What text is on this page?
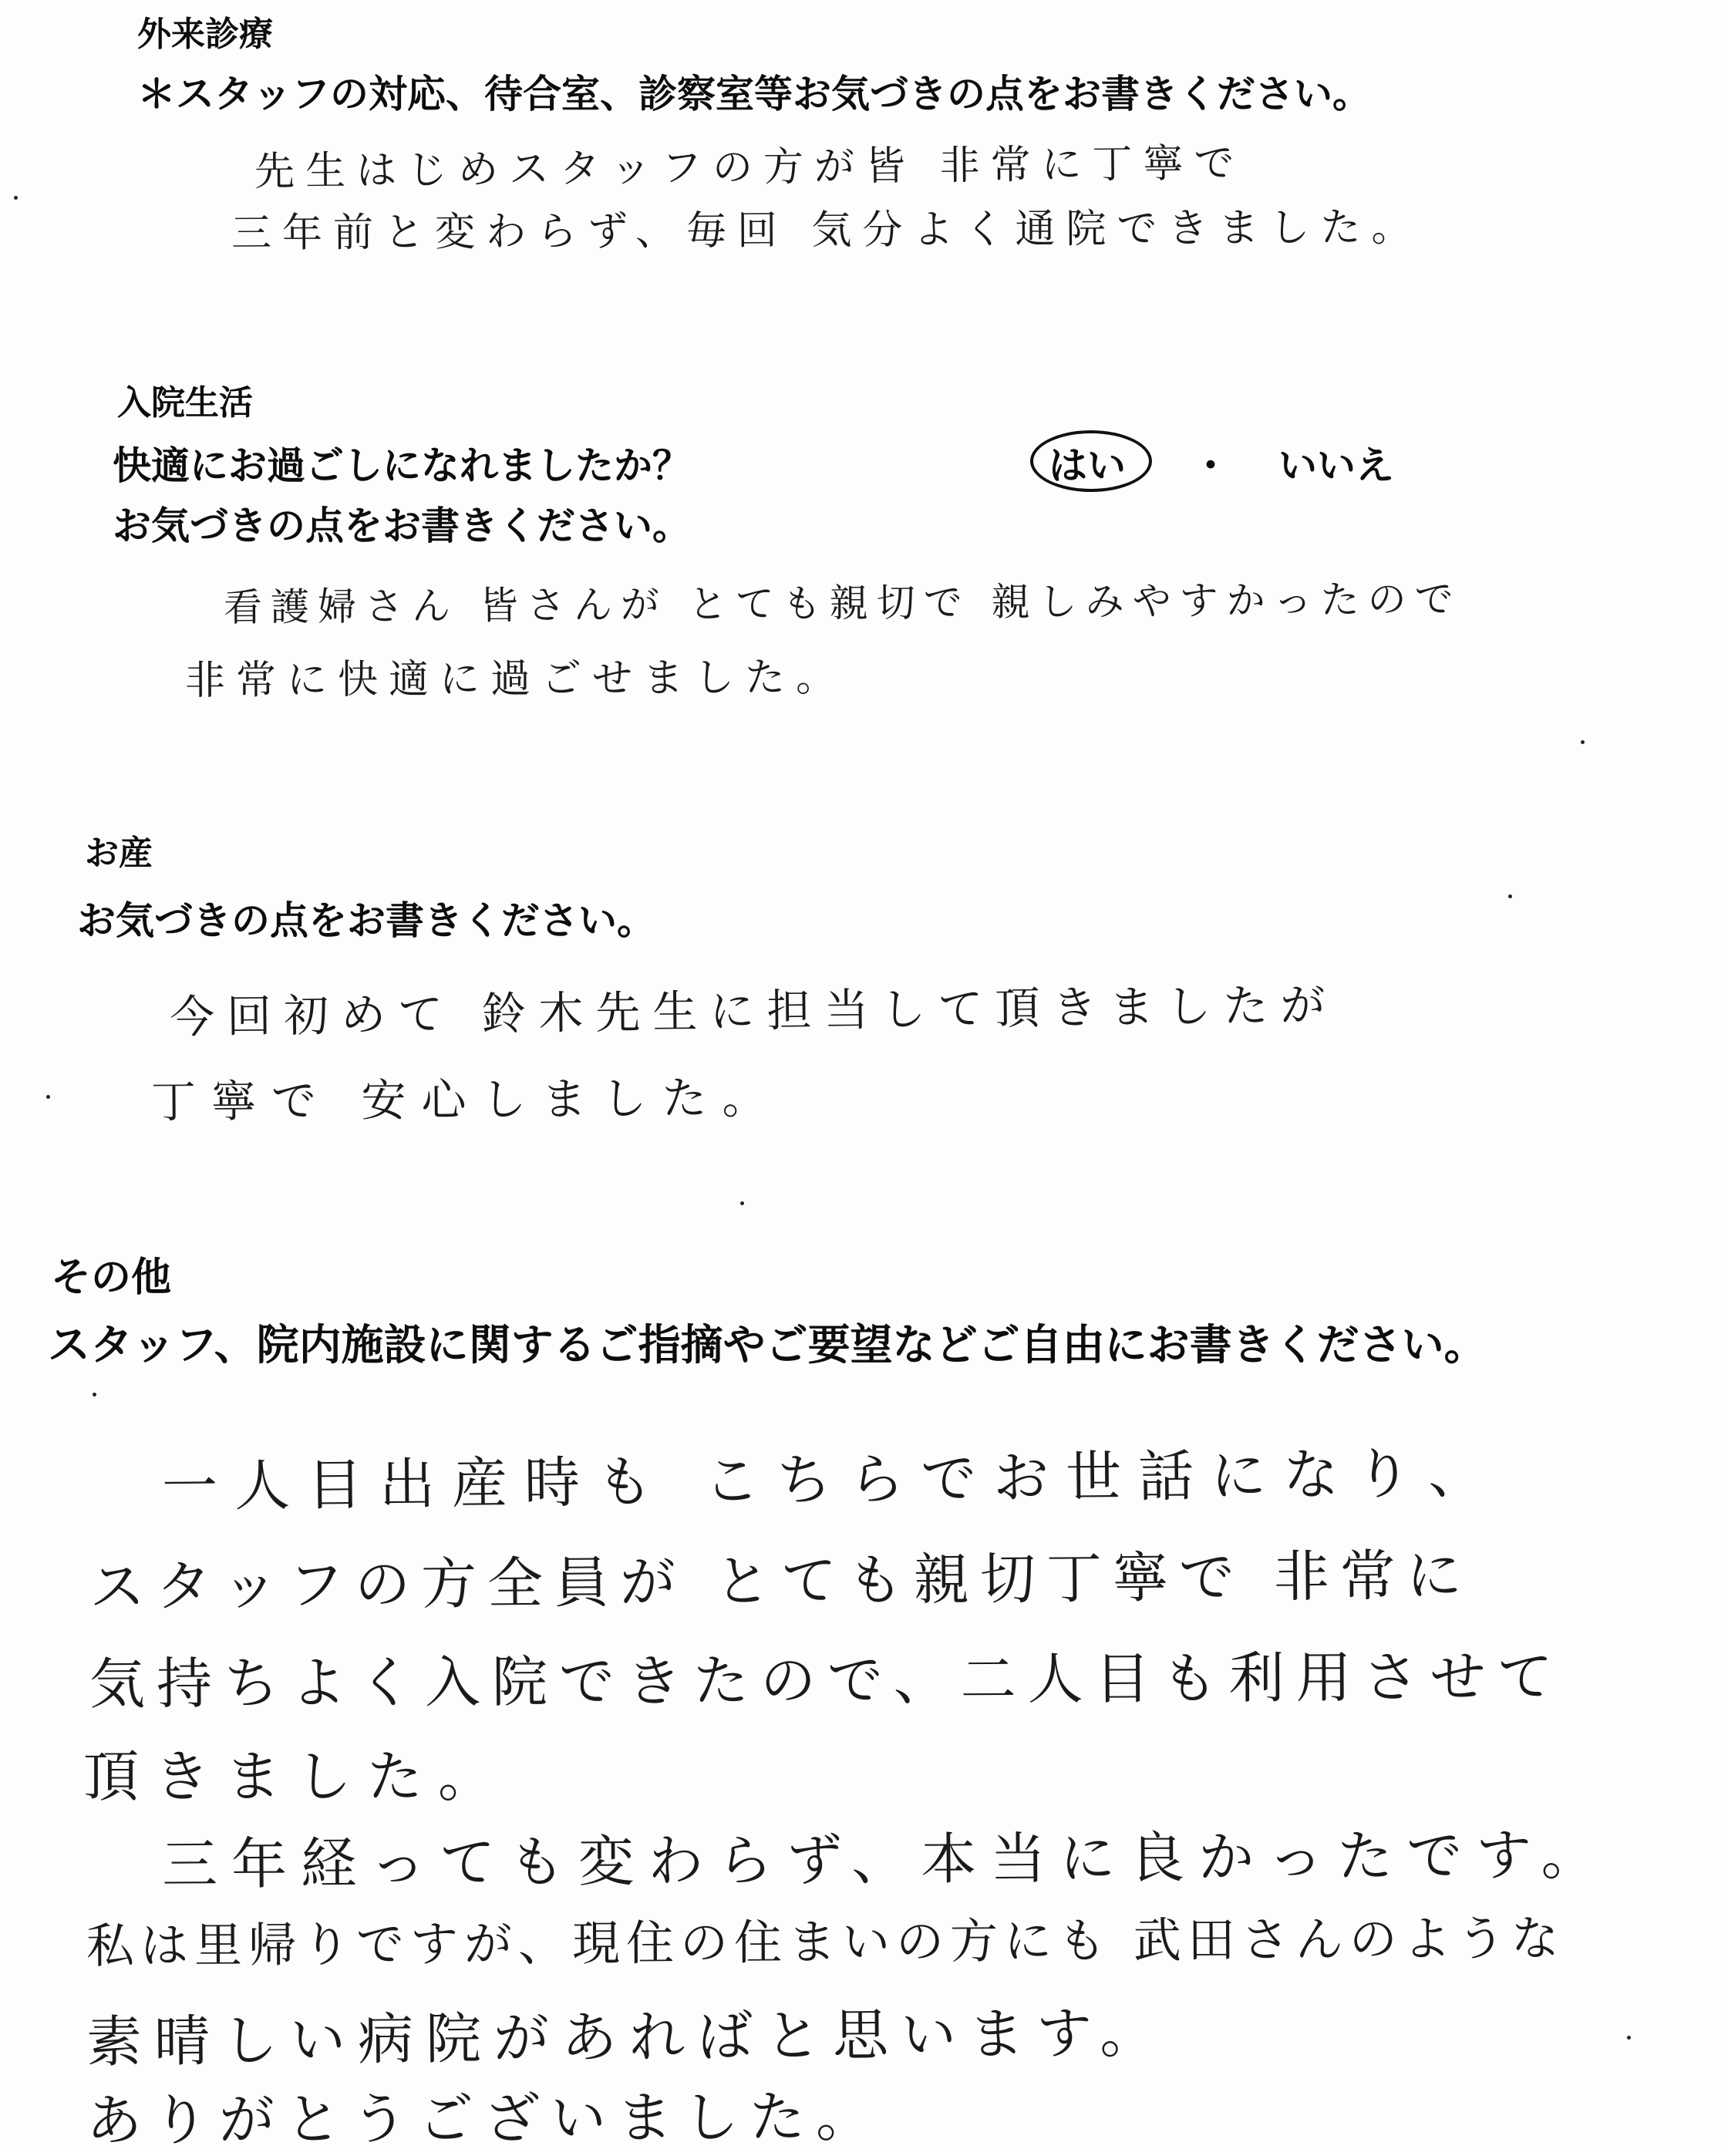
外来診療

＊スタッフの対応、待合室、診察室等お気づきの点をお書きください。

先生はじめスタッフの方が皆 非常に丁寧で

三年前と変わらず、毎回 気分よく通院できました。

入院生活

快適にお過ごしになれましたか？	はい ・ いいえ

お気づきの点をお書きください。

看護婦さん 皆さんが とても親切で 親しみやすかったので

非常に快適に過ごせました。

お産

お気づきの点をお書きください。

今回初めて 鈴木先生に担当して頂きましたが

丁寧で 安心しました。

その他

スタッフ、院内施設に関するご指摘やご要望などご自由にお書きください。

一人目出産時も こちらでお世話になり、

スタッフの方全員が とても親切丁寧で 非常に

気持ちよく入院できたので、二人目も利用させて

頂きました。

三年経っても変わらず、本当に良かったです。

私は里帰りですが、現住の住まいの方にも 武田さんのような

素晴しい病院があればと思います。

ありがとうございました。
